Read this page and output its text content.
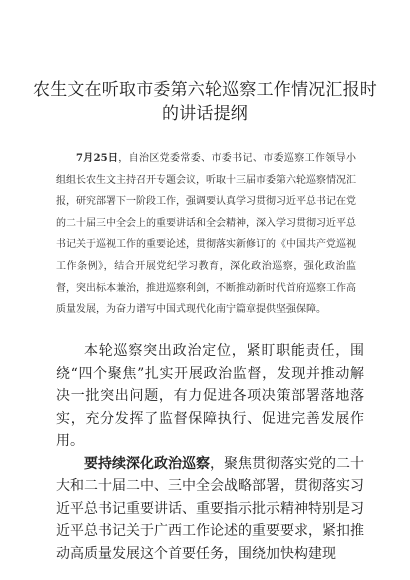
农生文在听取市委第六轮巡察工作情况汇报时
的讲话提纲

7月25日，自治区党委常委、市委书记、市委巡察工作领导小组组长农生文主持召开专题会议，听取十三届市委第六轮巡察情况汇报，研究部署下一阶段工作，强调要认真学习贯彻习近平总书记在党的二十届三中全会上的重要讲话和全会精神，深入学习贯彻习近平总书记关于巡视工作的重要论述，贯彻落实新修订的《中国共产党巡视工作条例》，结合开展党纪学习教育，深化政治巡察，强化政治监督，突出标本兼治，推进巡察利剑，不断推动新时代首府巡察工作高质量发展，为奋力谱写中国式现代化南宁篇章提供坚强保障。

本轮巡察突出政治定位，紧盯职能责任，围绕“四个聚焦”扎实开展政治监督，发现并推动解决一批突出问题，有力促进各项决策部署落地落实，充分发挥了监督保障执行、促进完善发展作用。

要持续深化政治巡察，聚焦贯彻落实党的二十大和二十届二中、三中全会战略部署，贯彻落实习近平总书记重要讲话、重要指示批示精神特别是习近平总书记关于广西工作论述的重要要求，紧扣推动高质量发展这个首要任务，围绕加快构建现
